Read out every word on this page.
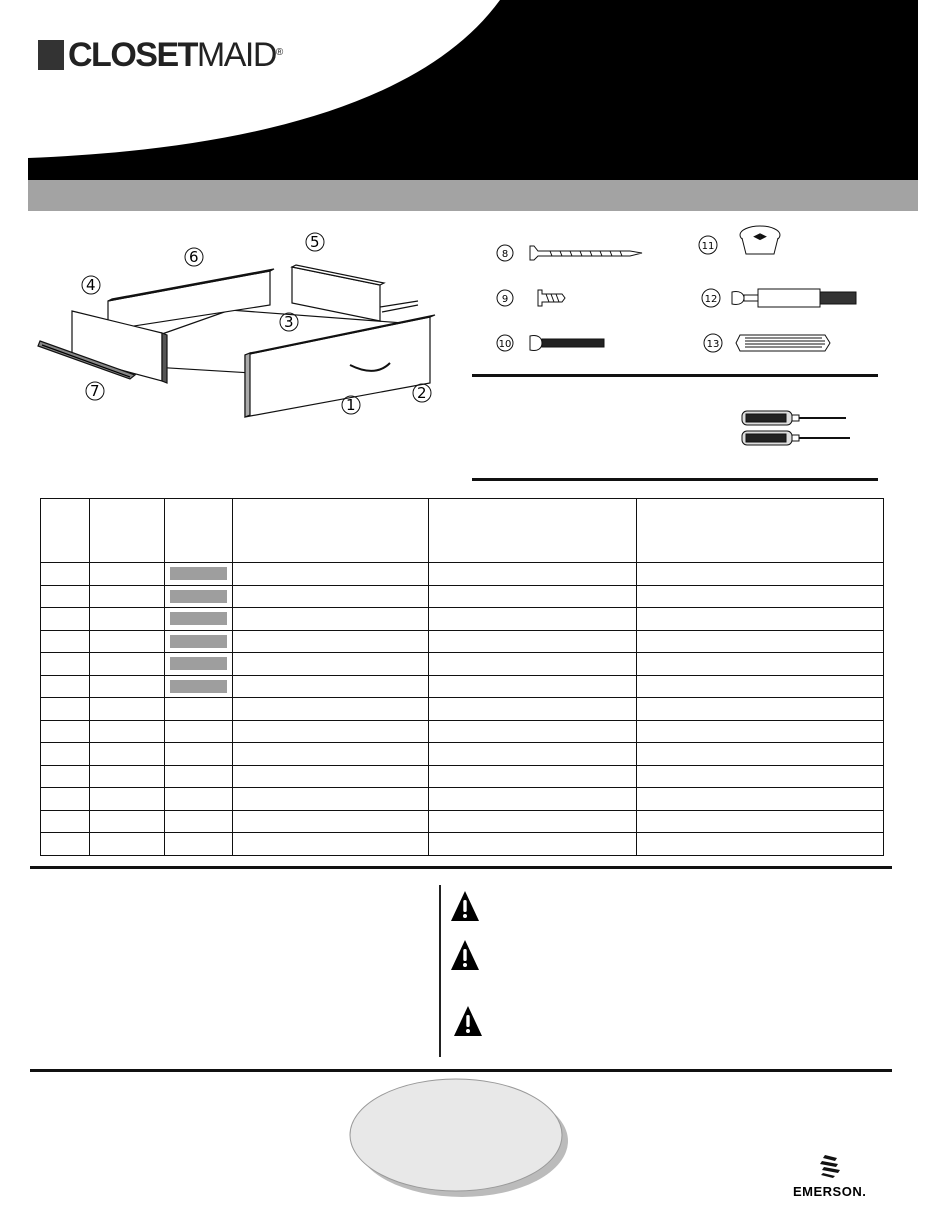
CLOSETMAID®
1
2
3
4
5
6
7
8
9
10
11
12
13
◀▶

EMERSON.
